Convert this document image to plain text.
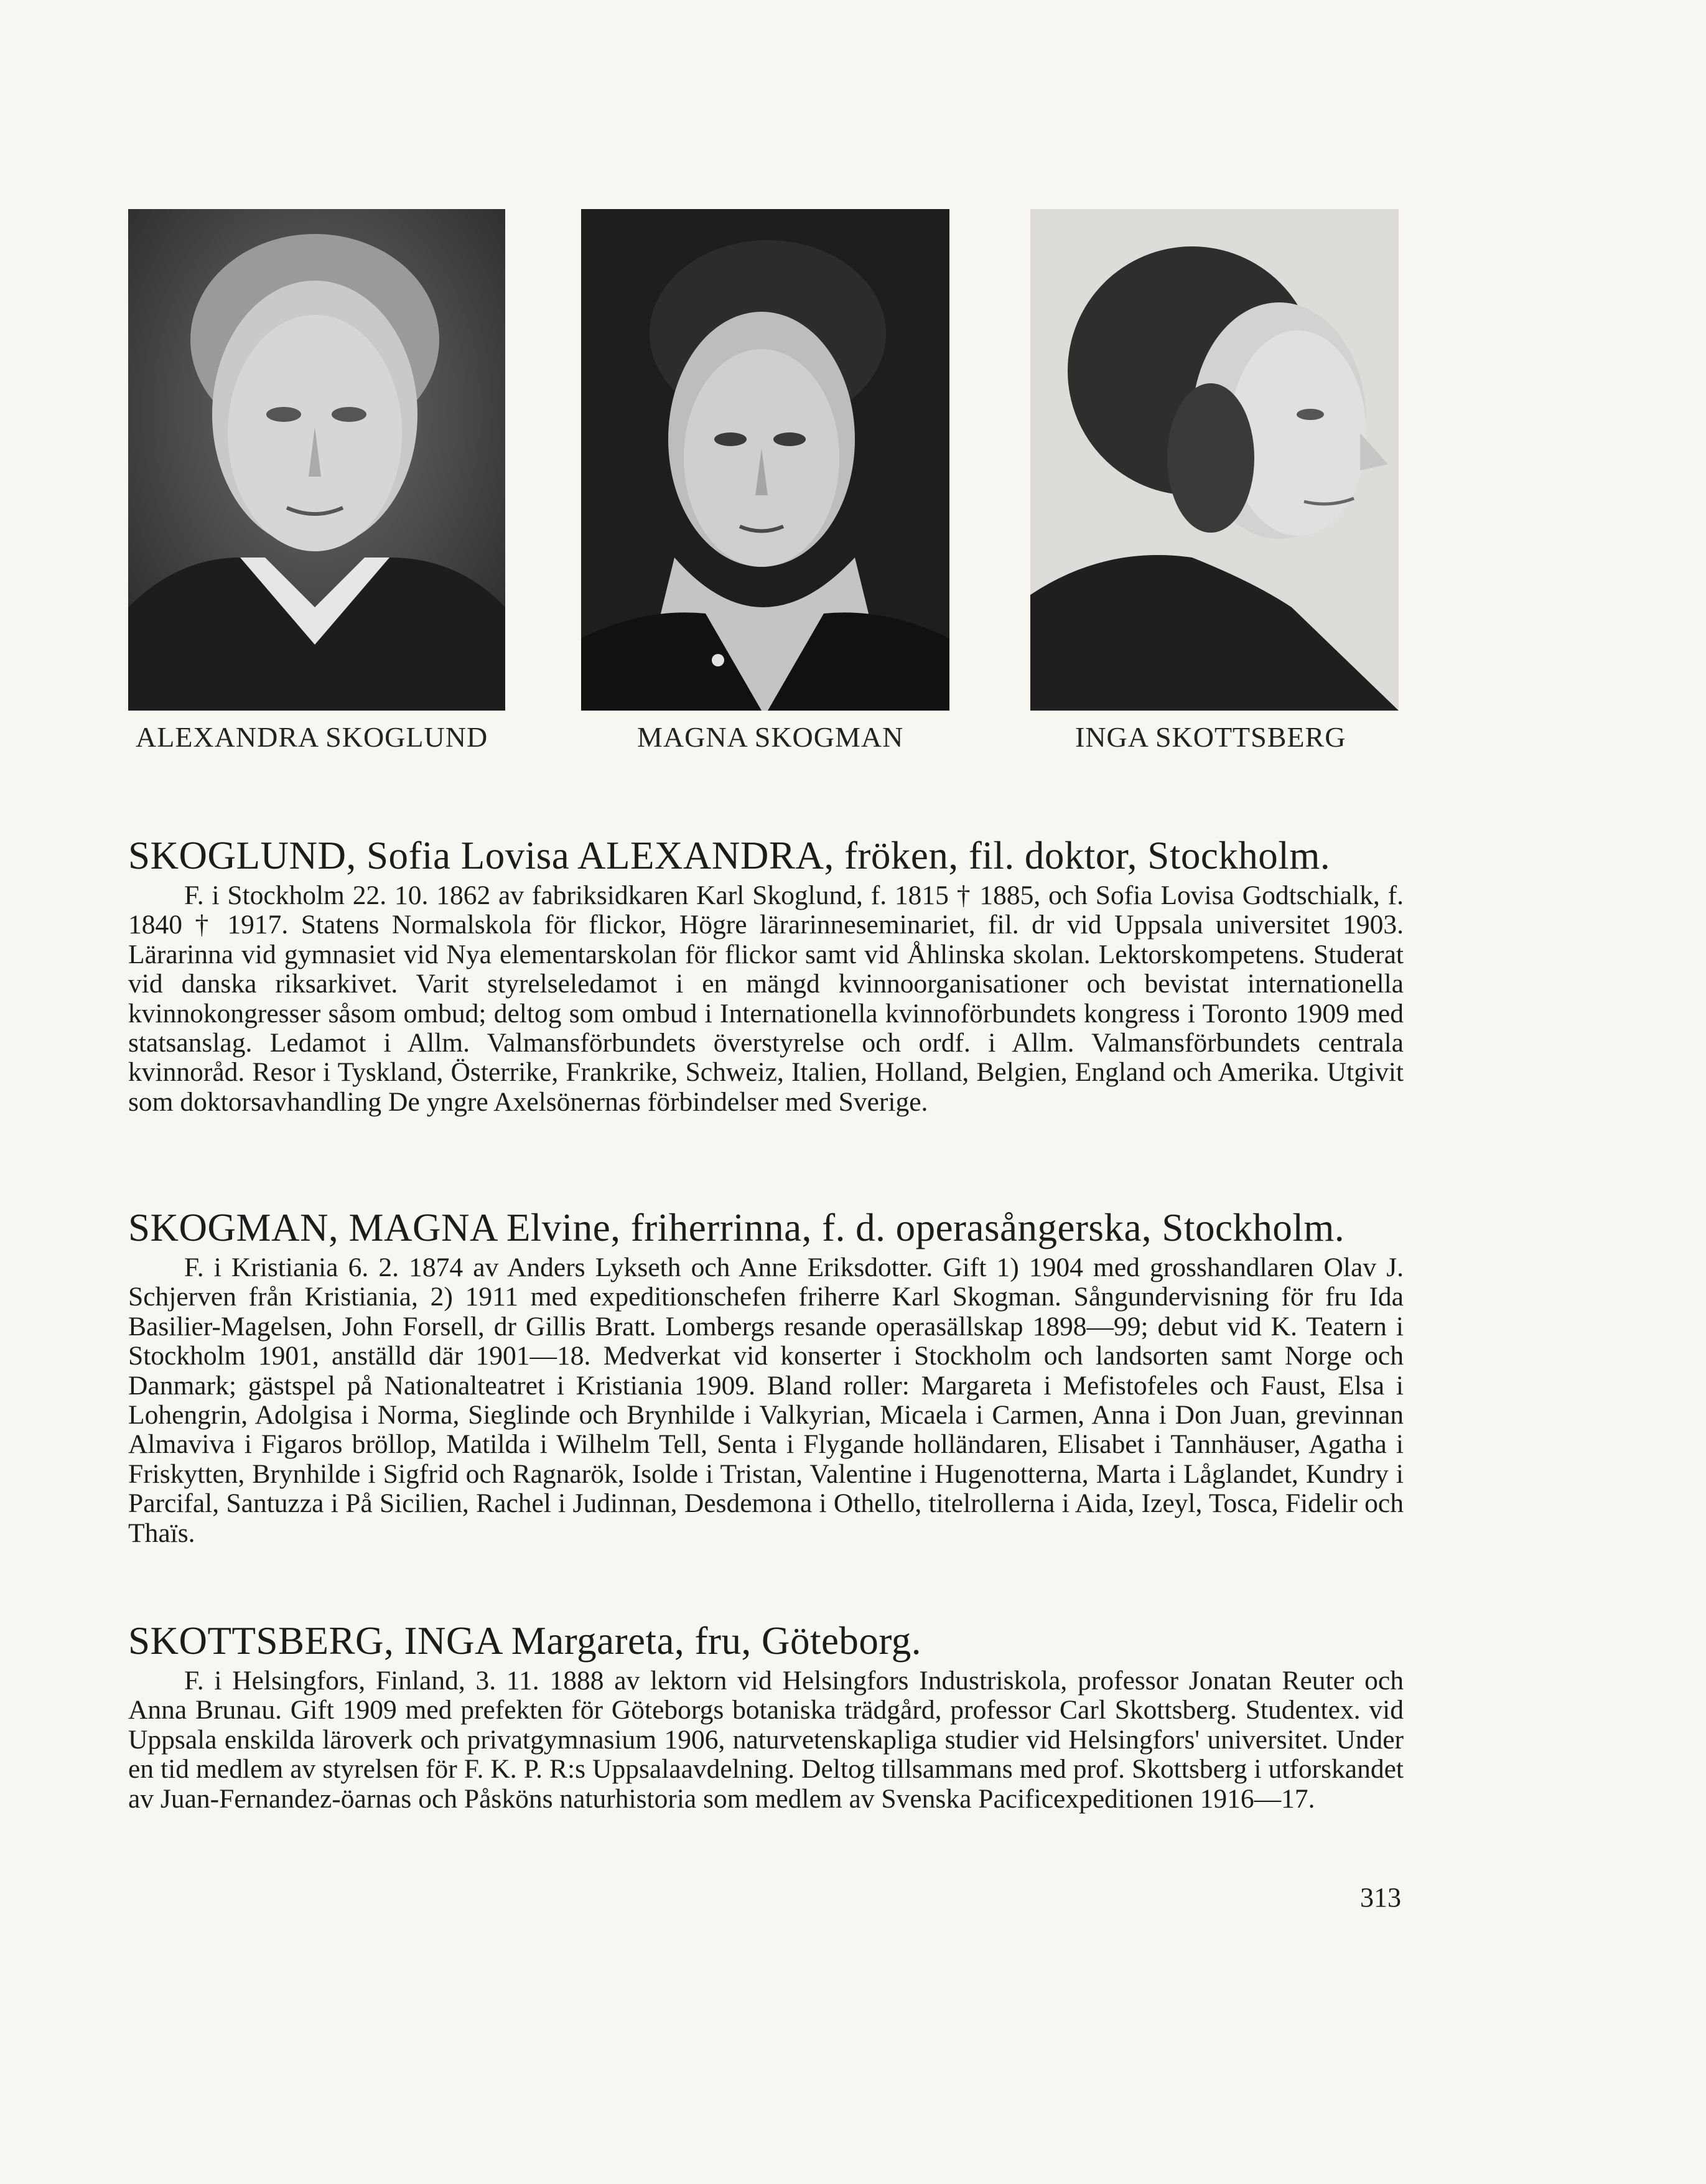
ALEXANDRA SKOGLUND	MAGNA SKOGMAN	INGA SKOTTSBERG
SKOGLUND, Sofia Lovisa ALEXANDRA, fröken, fil. doktor, Stockholm.
F. i Stockholm 22. 10. 1862 av fabriksidkaren Karl Skoglund, f. 1815 † 1885, och Sofia Lovisa Godtschialk, f. 1840 † 1917. Statens Normalskola för flickor, Högre lärarinneseminariet, fil. dr vid Uppsala universitet 1903. Lärarinna vid gymnasiet vid Nya elementarskolan för flickor samt vid Åhlinska skolan. Lektorskompetens. Studerat vid danska riksarkivet. Varit styrelseledamot i en mängd kvinnoorganisationer och bevistat internationella kvinnokongresser såsom ombud; deltog som ombud i Internationella kvinnoförbundets kongress i Toronto 1909 med statsanslag. Ledamot i Allm. Valmansförbundets överstyrelse och ordf. i Allm. Valmansförbundets centrala kvinnoråd. Resor i Tyskland, Österrike, Frankrike, Schweiz, Italien, Holland, Belgien, England och Amerika. Utgivit som doktorsavhandling De yngre Axelsönernas förbindelser med Sverige.
SKOGMAN, MAGNA Elvine, friherrinna, f. d. operasångerska, Stockholm.
F. i Kristiania 6. 2. 1874 av Anders Lykseth och Anne Eriksdotter. Gift 1) 1904 med grosshandlaren Olav J. Schjerven från Kristiania, 2) 1911 med expeditionschefen friherre Karl Skogman. Sångundervisning för fru Ida Basilier-Magelsen, John Forsell, dr Gillis Bratt. Lombergs resande operasällskap 1898—99; debut vid K. Teatern i Stockholm 1901, anställd där 1901—18. Medverkat vid konserter i Stockholm och landsorten samt Norge och Danmark; gästspel på Nationalteatret i Kristiania 1909. Bland roller: Margareta i Mefistofeles och Faust, Elsa i Lohengrin, Adolgisa i Norma, Sieglinde och Brynhilde i Valkyrian, Micaela i Carmen, Anna i Don Juan, grevinnan Almaviva i Figaros bröllop, Matilda i Wilhelm Tell, Senta i Flygande holländaren, Elisabet i Tannhäuser, Agatha i Friskytten, Brynhilde i Sigfrid och Ragnarök, Isolde i Tristan, Valentine i Hugenotterna, Marta i Låglandet, Kundry i Parcifal, Santuzza i På Sicilien, Rachel i Judinnan, Desdemona i Othello, titelrollerna i Aida, Izeyl, Tosca, Fidelir och Thaïs.
SKOTTSBERG, INGA Margareta, fru, Göteborg.
F. i Helsingfors, Finland, 3. 11. 1888 av lektorn vid Helsingfors Industriskola, professor Jonatan Reuter och Anna Brunau. Gift 1909 med prefekten för Göteborgs botaniska trädgård, professor Carl Skottsberg. Studentex. vid Uppsala enskilda läroverk och privatgymnasium 1906, naturvetenskapliga studier vid Helsingfors' universitet. Under en tid medlem av styrelsen för F. K. P. R:s Uppsalaavdelning. Deltog tillsammans med prof. Skottsberg i utforskandet av Juan-Fernandez-öarnas och Påsköns naturhistoria som medlem av Svenska Pacificexpeditionen 1916—17.
313
